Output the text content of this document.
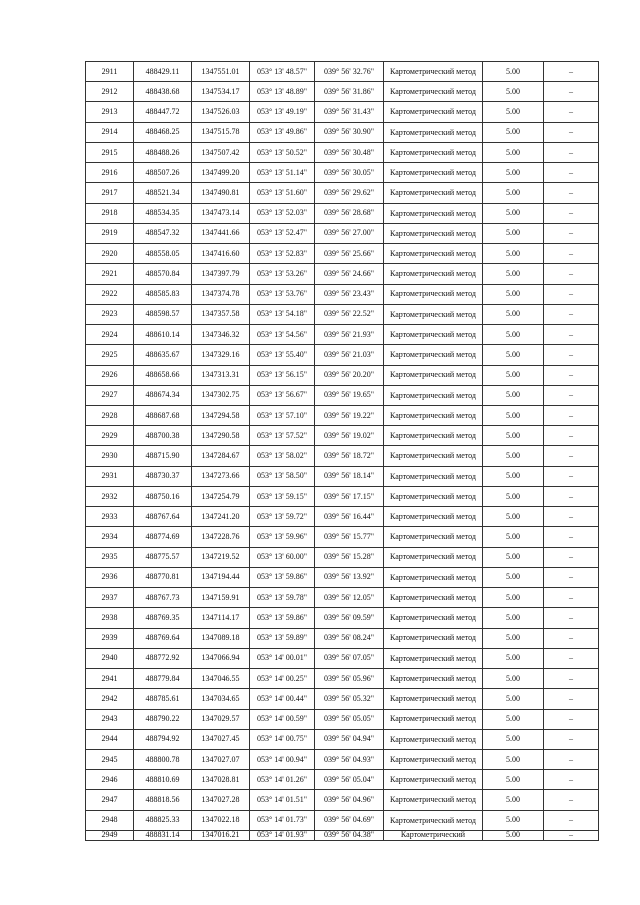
2911	488429.11	1347551.01	053° 13' 48.57"	039° 56' 32.76"	Картометрический метод	5.00	–
2912	488438.68	1347534.17	053° 13' 48.89"	039° 56' 31.86"	Картометрический метод	5.00	–
2913	488447.72	1347526.03	053° 13' 49.19"	039° 56' 31.43"	Картометрический метод	5.00	–
2914	488468.25	1347515.78	053° 13' 49.86"	039° 56' 30.90"	Картометрический метод	5.00	–
2915	488488.26	1347507.42	053° 13' 50.52"	039° 56' 30.48"	Картометрический метод	5.00	–
2916	488507.26	1347499.20	053° 13' 51.14"	039° 56' 30.05"	Картометрический метод	5.00	–
2917	488521.34	1347490.81	053° 13' 51.60"	039° 56' 29.62"	Картометрический метод	5.00	–
2918	488534.35	1347473.14	053° 13' 52.03"	039° 56' 28.68"	Картометрический метод	5.00	–
2919	488547.32	1347441.66	053° 13' 52.47"	039° 56' 27.00"	Картометрический метод	5.00	–
2920	488558.05	1347416.60	053° 13' 52.83"	039° 56' 25.66"	Картометрический метод	5.00	–
2921	488570.84	1347397.79	053° 13' 53.26"	039° 56' 24.66"	Картометрический метод	5.00	–
2922	488585.83	1347374.78	053° 13' 53.76"	039° 56' 23.43"	Картометрический метод	5.00	–
2923	488598.57	1347357.58	053° 13' 54.18"	039° 56' 22.52"	Картометрический метод	5.00	–
2924	488610.14	1347346.32	053° 13' 54.56"	039° 56' 21.93"	Картометрический метод	5.00	–
2925	488635.67	1347329.16	053° 13' 55.40"	039° 56' 21.03"	Картометрический метод	5.00	–
2926	488658.66	1347313.31	053° 13' 56.15"	039° 56' 20.20"	Картометрический метод	5.00	–
2927	488674.34	1347302.75	053° 13' 56.67"	039° 56' 19.65"	Картометрический метод	5.00	–
2928	488687.68	1347294.58	053° 13' 57.10"	039° 56' 19.22"	Картометрический метод	5.00	–
2929	488700.38	1347290.58	053° 13' 57.52"	039° 56' 19.02"	Картометрический метод	5.00	–
2930	488715.90	1347284.67	053° 13' 58.02"	039° 56' 18.72"	Картометрический метод	5.00	–
2931	488730.37	1347273.66	053° 13' 58.50"	039° 56' 18.14"	Картометрический метод	5.00	–
2932	488750.16	1347254.79	053° 13' 59.15"	039° 56' 17.15"	Картометрический метод	5.00	–
2933	488767.64	1347241.20	053° 13' 59.72"	039° 56' 16.44"	Картометрический метод	5.00	–
2934	488774.69	1347228.76	053° 13' 59.96"	039° 56' 15.77"	Картометрический метод	5.00	–
2935	488775.57	1347219.52	053° 13' 60.00"	039° 56' 15.28"	Картометрический метод	5.00	–
2936	488770.81	1347194.44	053° 13' 59.86"	039° 56' 13.92"	Картометрический метод	5.00	–
2937	488767.73	1347159.91	053° 13' 59.78"	039° 56' 12.05"	Картометрический метод	5.00	–
2938	488769.35	1347114.17	053° 13' 59.86"	039° 56' 09.59"	Картометрический метод	5.00	–
2939	488769.64	1347089.18	053° 13' 59.89"	039° 56' 08.24"	Картометрический метод	5.00	–
2940	488772.92	1347066.94	053° 14' 00.01"	039° 56' 07.05"	Картометрический метод	5.00	–
2941	488779.84	1347046.55	053° 14' 00.25"	039° 56' 05.96"	Картометрический метод	5.00	–
2942	488785.61	1347034.65	053° 14' 00.44"	039° 56' 05.32"	Картометрический метод	5.00	–
2943	488790.22	1347029.57	053° 14' 00.59"	039° 56' 05.05"	Картометрический метод	5.00	–
2944	488794.92	1347027.45	053° 14' 00.75"	039° 56' 04.94"	Картометрический метод	5.00	–
2945	488800.78	1347027.07	053° 14' 00.94"	039° 56' 04.93"	Картометрический метод	5.00	–
2946	488810.69	1347028.81	053° 14' 01.26"	039° 56' 05.04"	Картометрический метод	5.00	–
2947	488818.56	1347027.28	053° 14' 01.51"	039° 56' 04.96"	Картометрический метод	5.00	–
2948	488825.33	1347022.18	053° 14' 01.73"	039° 56' 04.69"	Картометрический метод	5.00	–
2949	488831.14	1347016.21	053° 14' 01.93"	039° 56' 04.38"	Картометрический	5.00	–
